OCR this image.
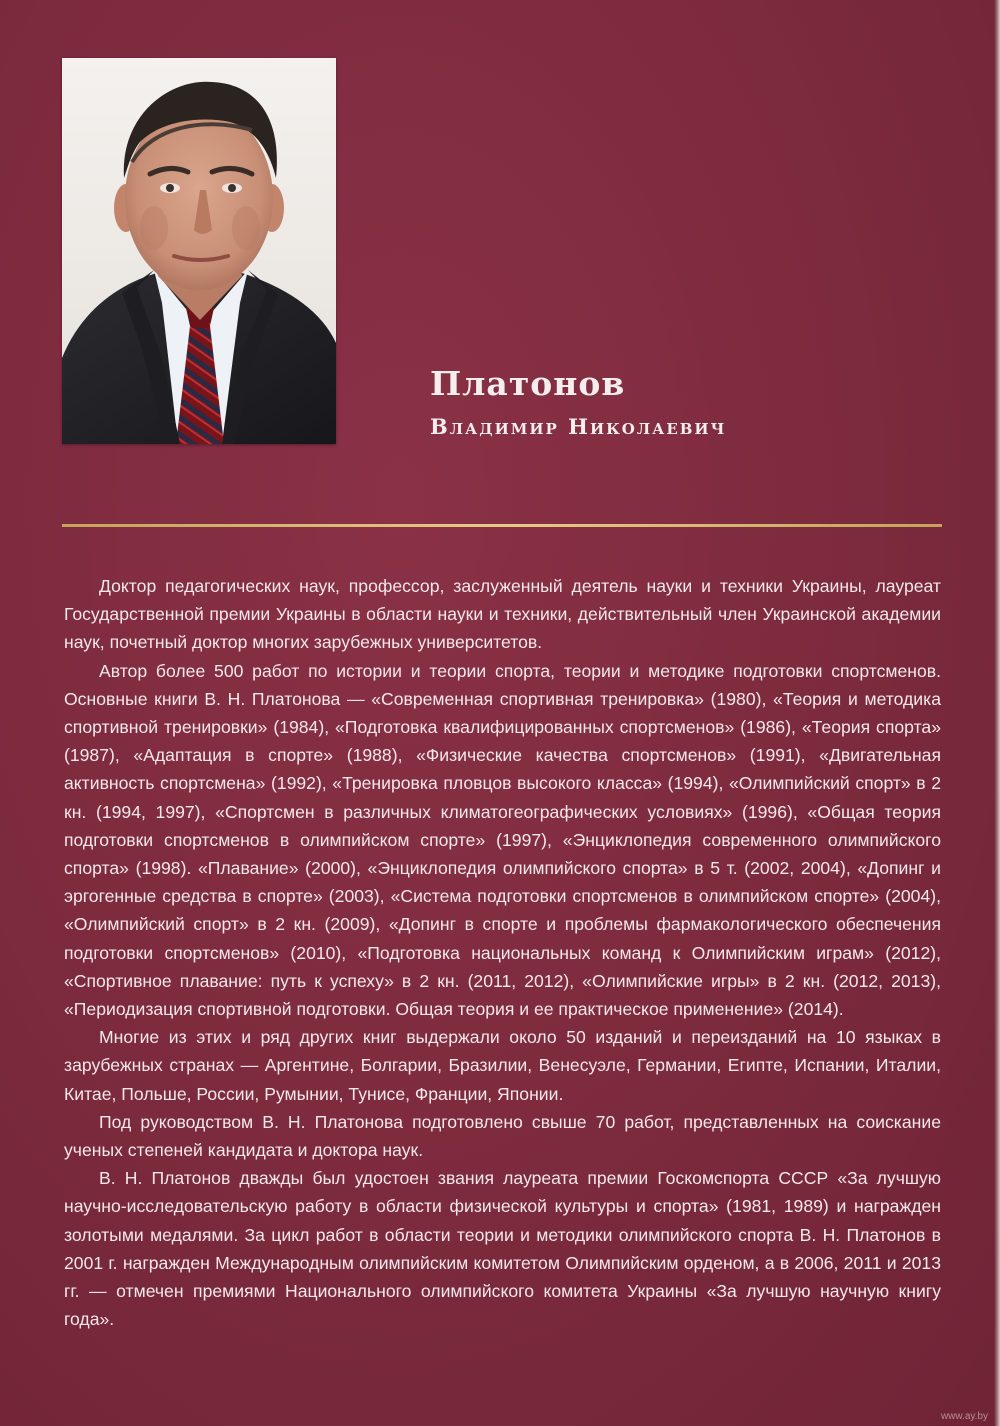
Платонов
Владимир Николаевич

Доктор педагогических наук, профессор, заслуженный деятель науки и техники Украины, лауреат Государственной премии Украины в области науки и техники, действительный член Украинской академии наук, почетный доктор многих зарубежных университетов.

Автор более 500 работ по истории и теории спорта, теории и методике подготовки спортсменов. Основные книги В. Н. Платонова — «Современная спортивная тренировка» (1980), «Теория и методика спортивной тренировки» (1984), «Подготовка квалифицированных спортсменов» (1986), «Теория спорта» (1987), «Адаптация в спорте» (1988), «Физические качества спортсменов» (1991), «Двигательная активность спортсмена» (1992), «Тренировка пловцов высокого класса» (1994), «Олимпийский спорт» в 2 кн. (1994, 1997), «Спортсмен в различных климатогеографических условиях» (1996), «Общая теория подготовки спортсменов в олимпийском спорте» (1997), «Энциклопедия современного олимпийского спорта» (1998). «Плавание» (2000), «Энциклопедия олимпийского спорта» в 5 т. (2002, 2004), «Допинг и эргогенные средства в спорте» (2003), «Система подготовки спортсменов в олимпийском спорте» (2004), «Олимпийский спорт» в 2 кн. (2009), «Допинг в спорте и проблемы фармакологического обеспечения подготовки спортсменов» (2010), «Подготовка национальных команд к Олимпийским играм» (2012), «Спортивное плавание: путь к успеху» в 2 кн. (2011, 2012), «Олимпийские игры» в 2 кн. (2012, 2013), «Периодизация спортивной подготовки. Общая теория и ее практическое применение» (2014).

Многие из этих и ряд других книг выдержали около 50 изданий и переизданий на 10 языках в зарубежных странах — Аргентине, Болгарии, Бразилии, Венесуэле, Германии, Египте, Испании, Италии, Китае, Польше, России, Румынии, Тунисе, Франции, Японии.

Под руководством В. Н. Платонова подготовлено свыше 70 работ, представленных на соискание ученых степеней кандидата и доктора наук.

В. Н. Платонов дважды был удостоен звания лауреата премии Госкомспорта СССР «За лучшую научно-исследовательскую работу в области физической культуры и спорта» (1981, 1989) и награжден золотыми медалями. За цикл работ в области теории и методики олимпийского спорта В. Н. Платонов в 2001 г. награжден Международным олимпийским комитетом Олимпийским орденом, а в 2006, 2011 и 2013 гг. — отмечен премиями Национального олимпийского комитета Украины «За лучшую научную книгу года».

www.ay.by
